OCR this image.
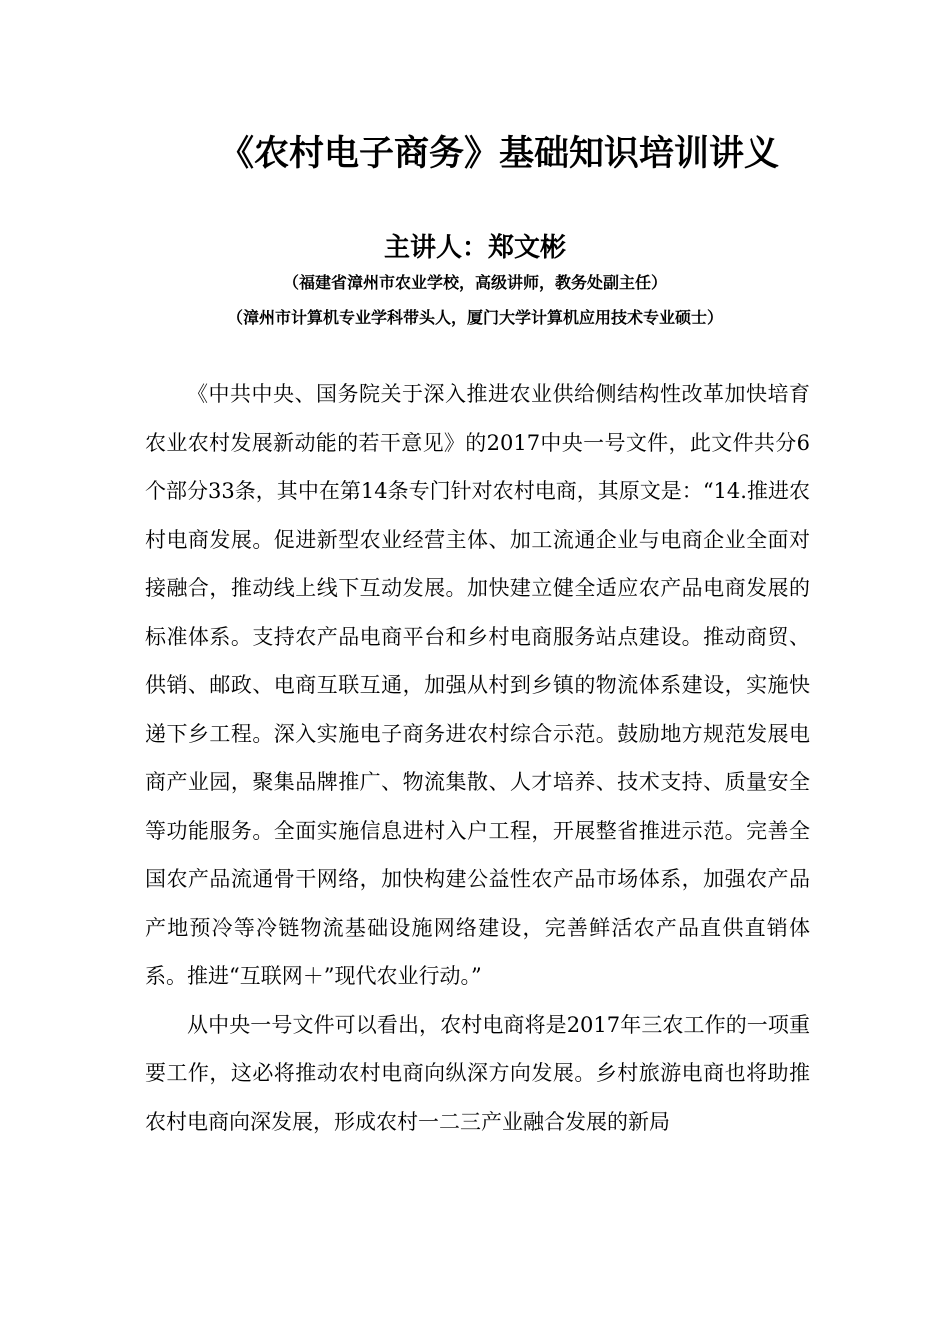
《农村电子商务》基础知识培训讲义
主讲人：郑文彬
（福建省漳州市农业学校，高级讲师，教务处副主任）
（漳州市计算机专业学科带头人，厦门大学计算机应用技术专业硕士）

《中共中央、国务院关于深入推进农业供给侧结构性改革加快培育农业农村发展新动能的若干意见》的2017中央一号文件，此文件共分6个部分33条，其中在第14条专门针对农村电商，其原文是：“14.推进农村电商发展。促进新型农业经营主体、加工流通企业与电商企业全面对接融合，推动线上线下互动发展。加快建立健全适应农产品电商发展的标准体系。支持农产品电商平台和乡村电商服务站点建设。推动商贸、供销、邮政、电商互联互通，加强从村到乡镇的物流体系建设，实施快递下乡工程。深入实施电子商务进农村综合示范。鼓励地方规范发展电商产业园，聚集品牌推广、物流集散、人才培养、技术支持、质量安全等功能服务。全面实施信息进村入户工程，开展整省推进示范。完善全国农产品流通骨干网络，加快构建公益性农产品市场体系，加强农产品产地预冷等冷链物流基础设施网络建设，完善鲜活农产品直供直销体系。推进“互联网＋”现代农业行动。”

从中央一号文件可以看出，农村电商将是2017年三农工作的一项重要工作，这必将推动农村电商向纵深方向发展。乡村旅游电商也将助推农村电商向深发展，形成农村一二三产业融合发展的新局
